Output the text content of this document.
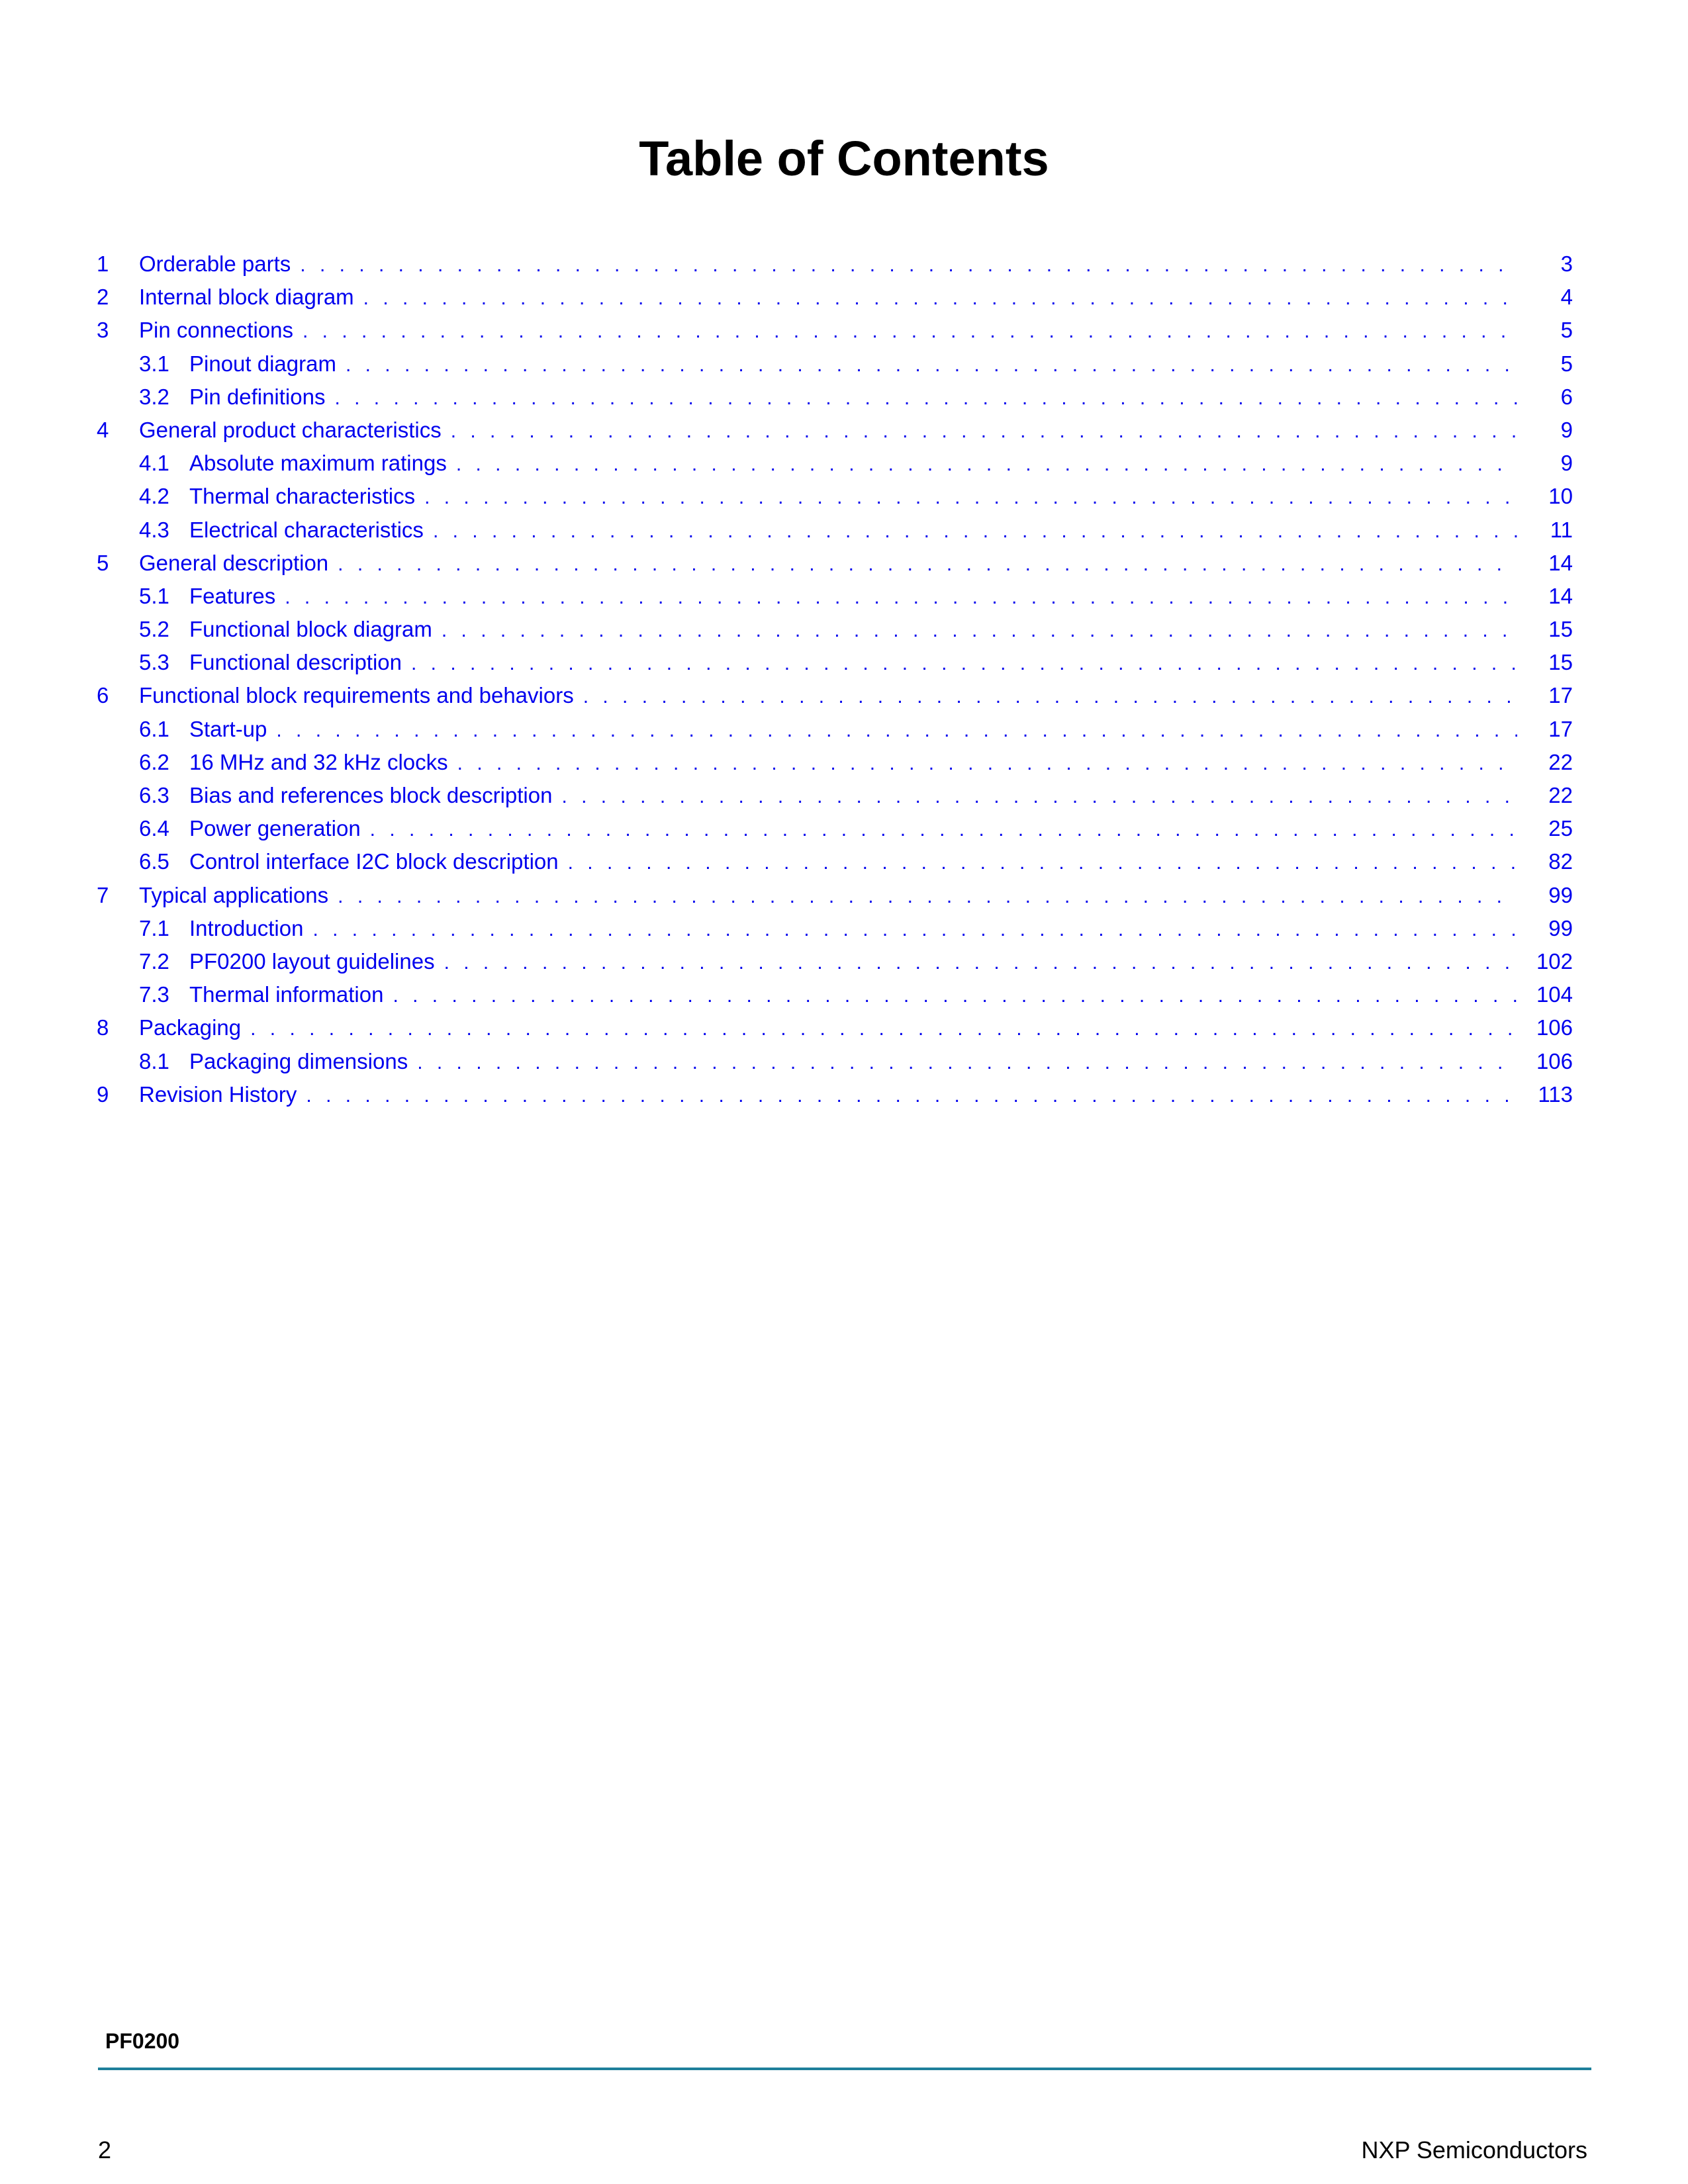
Table of Contents
1	Orderable parts . . .	3
2	Internal block diagram . . .	4
3	Pin connections . . .	5
3.1 Pinout diagram . . .	5
3.2 Pin definitions . . .	6
4	General product characteristics . . .	9
4.1 Absolute maximum ratings . . .	9
4.2 Thermal characteristics . . .	10
4.3 Electrical characteristics . . .	11
5	General description . . .	14
5.1 Features . . .	14
5.2 Functional block diagram . . .	15
5.3 Functional description . . .	15
6	Functional block requirements and behaviors . . .	17
6.1 Start-up . . .	17
6.2 16 MHz and 32 kHz clocks . . .	22
6.3 Bias and references block description . . .	22
6.4 Power generation . . .	25
6.5 Control interface I2C block description . . .	82
7	Typical applications . . .	99
7.1 Introduction . . .	99
7.2 PF0200 layout guidelines . . .	102
7.3 Thermal information . . .	104
8	Packaging . . .	106
8.1 Packaging dimensions . . .	106
9	Revision History . . .	113
PF0200
2	NXP Semiconductors
